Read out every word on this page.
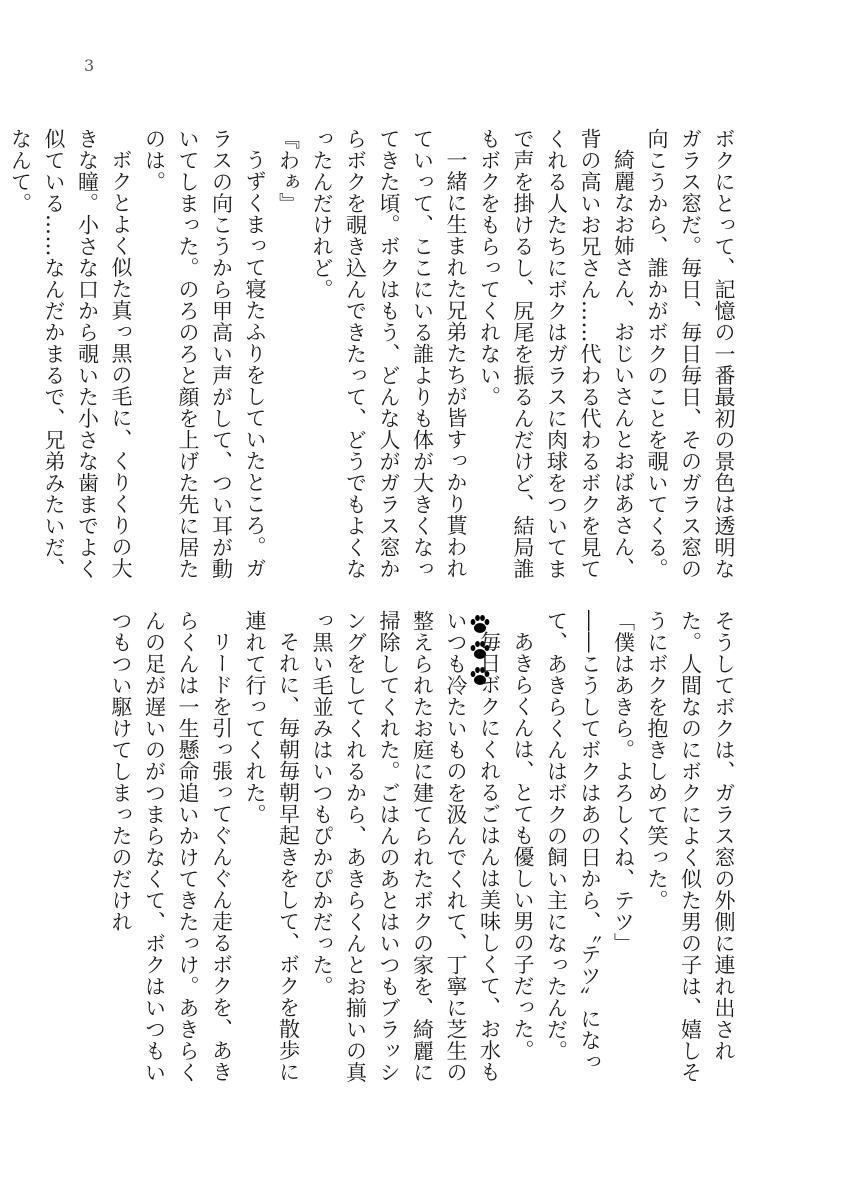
3

ボクにとって、記憶の一番最初の景色は透明なガラス窓だ。毎日、毎日毎日、そのガラス窓の向こうから、誰かがボクのことを覗いてくる。

綺麗なお姉さん、おじいさんとおばあさん、背の高いお兄さん……代わる代わるボクを見てくれる人たちにボクはガラスに肉球をついてまで声を掛けるし、尻尾を振るんだけど、結局誰もボクをもらってくれない。

一緒に生まれた兄弟たちが皆すっかり貰われていって、ここにいる誰よりも体が大きくなってきた頃。ボクはもう、どんな人がガラス窓からボクを覗き込んできたって、どうでもよくなったんだけれど。

『わぁ』

うずくまって寝たふりをしていたところ。ガラスの向こうから甲高い声がして、つい耳が動いてしまった。のろのろと顔を上げた先に居たのは。

ボクとよく似た真っ黒の毛に、くりくりの大きな瞳。小さな口から覗いた小さな歯までよく似ている……なんだかまるで、兄弟みたいだ、なんて。

そうしてボクは、ガラス窓の外側に連れ出された。人間なのにボクによく似た男の子は、嬉しそうにボクを抱きしめて笑った。

「僕はあきら。よろしくね、テツ」

――こうしてボクはあの日から、〝テツ〟になって、あきらくんはボクの飼い主になったんだ。

あきらくんは、とても優しい男の子だった。

毎日ボクにくれるごはんは美味しくて、お水もいつも冷たいものを汲んでくれて、丁寧に芝生の整えられたお庭に建てられたボクの家を、綺麗に掃除してくれた。ごはんのあとはいつもブラッシングをしてくれるから、あきらくんとお揃いの真っ黒い毛並みはいつもぴかぴかだった。

それに、毎朝毎朝早起きをして、ボクを散歩に連れて行ってくれた。

リードを引っ張ってぐんぐん走るボクを、あきらくんは一生懸命追いかけてきたっけ。あきらくんの足が遅いのがつまらなくて、ボクはいつもいつもつい駆けてしまったのだけれ
